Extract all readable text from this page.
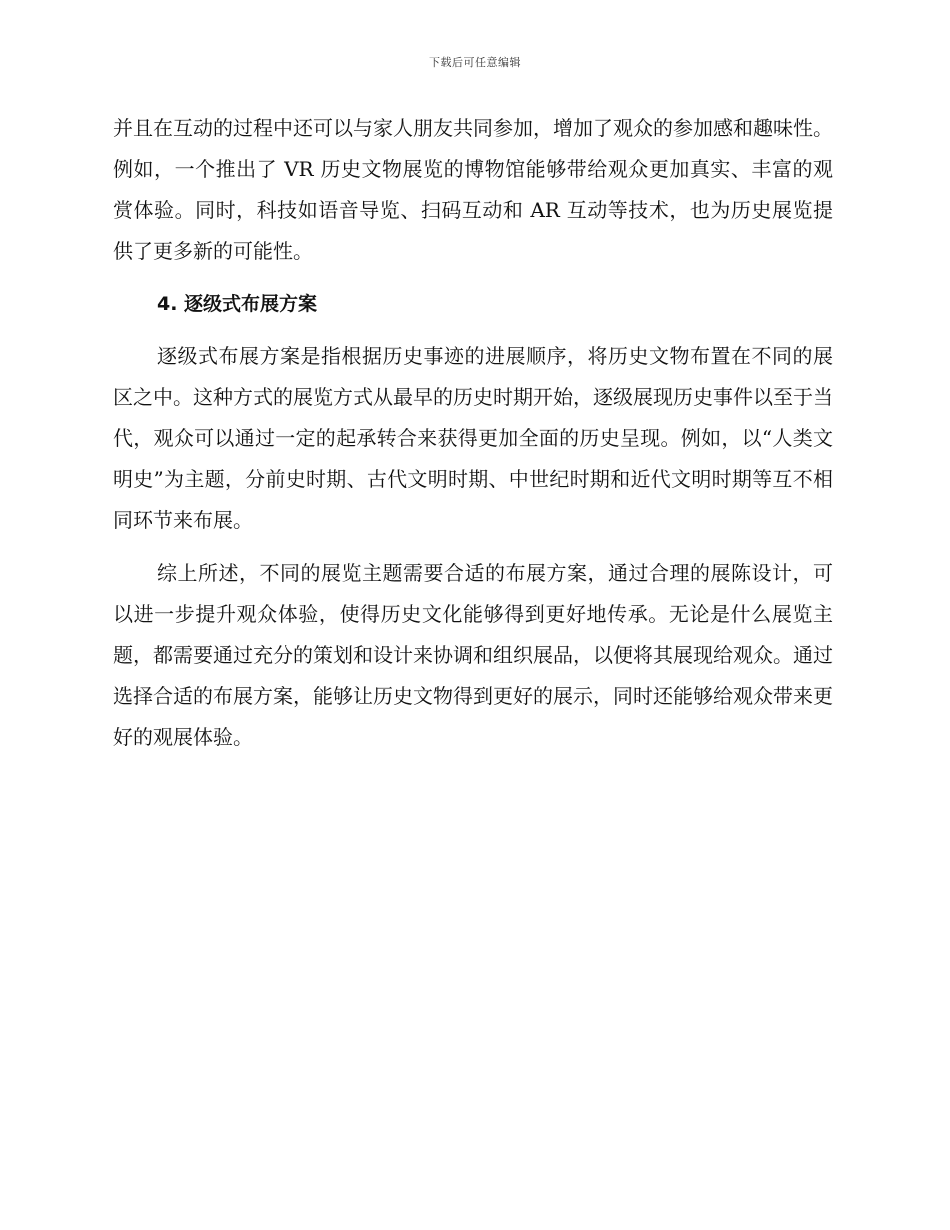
下载后可任意编辑

并且在互动的过程中还可以与家人朋友共同参加，增加了观众的参加感和趣味性。例如，一个推出了 VR 历史文物展览的博物馆能够带给观众更加真实、丰富的观赏体验。同时，科技如语音导览、扫码互动和 AR 互动等技术，也为历史展览提供了更多新的可能性。

4. 逐级式布展方案

逐级式布展方案是指根据历史事迹的进展顺序，将历史文物布置在不同的展区之中。这种方式的展览方式从最早的历史时期开始，逐级展现历史事件以至于当代，观众可以通过一定的起承转合来获得更加全面的历史呈现。例如，以“人类文明史”为主题，分前史时期、古代文明时期、中世纪时期和近代文明时期等互不相同环节来布展。

综上所述，不同的展览主题需要合适的布展方案，通过合理的展陈设计，可以进一步提升观众体验，使得历史文化能够得到更好地传承。无论是什么展览主题，都需要通过充分的策划和设计来协调和组织展品，以便将其展现给观众。通过选择合适的布展方案，能够让历史文物得到更好的展示，同时还能够给观众带来更好的观展体验。
